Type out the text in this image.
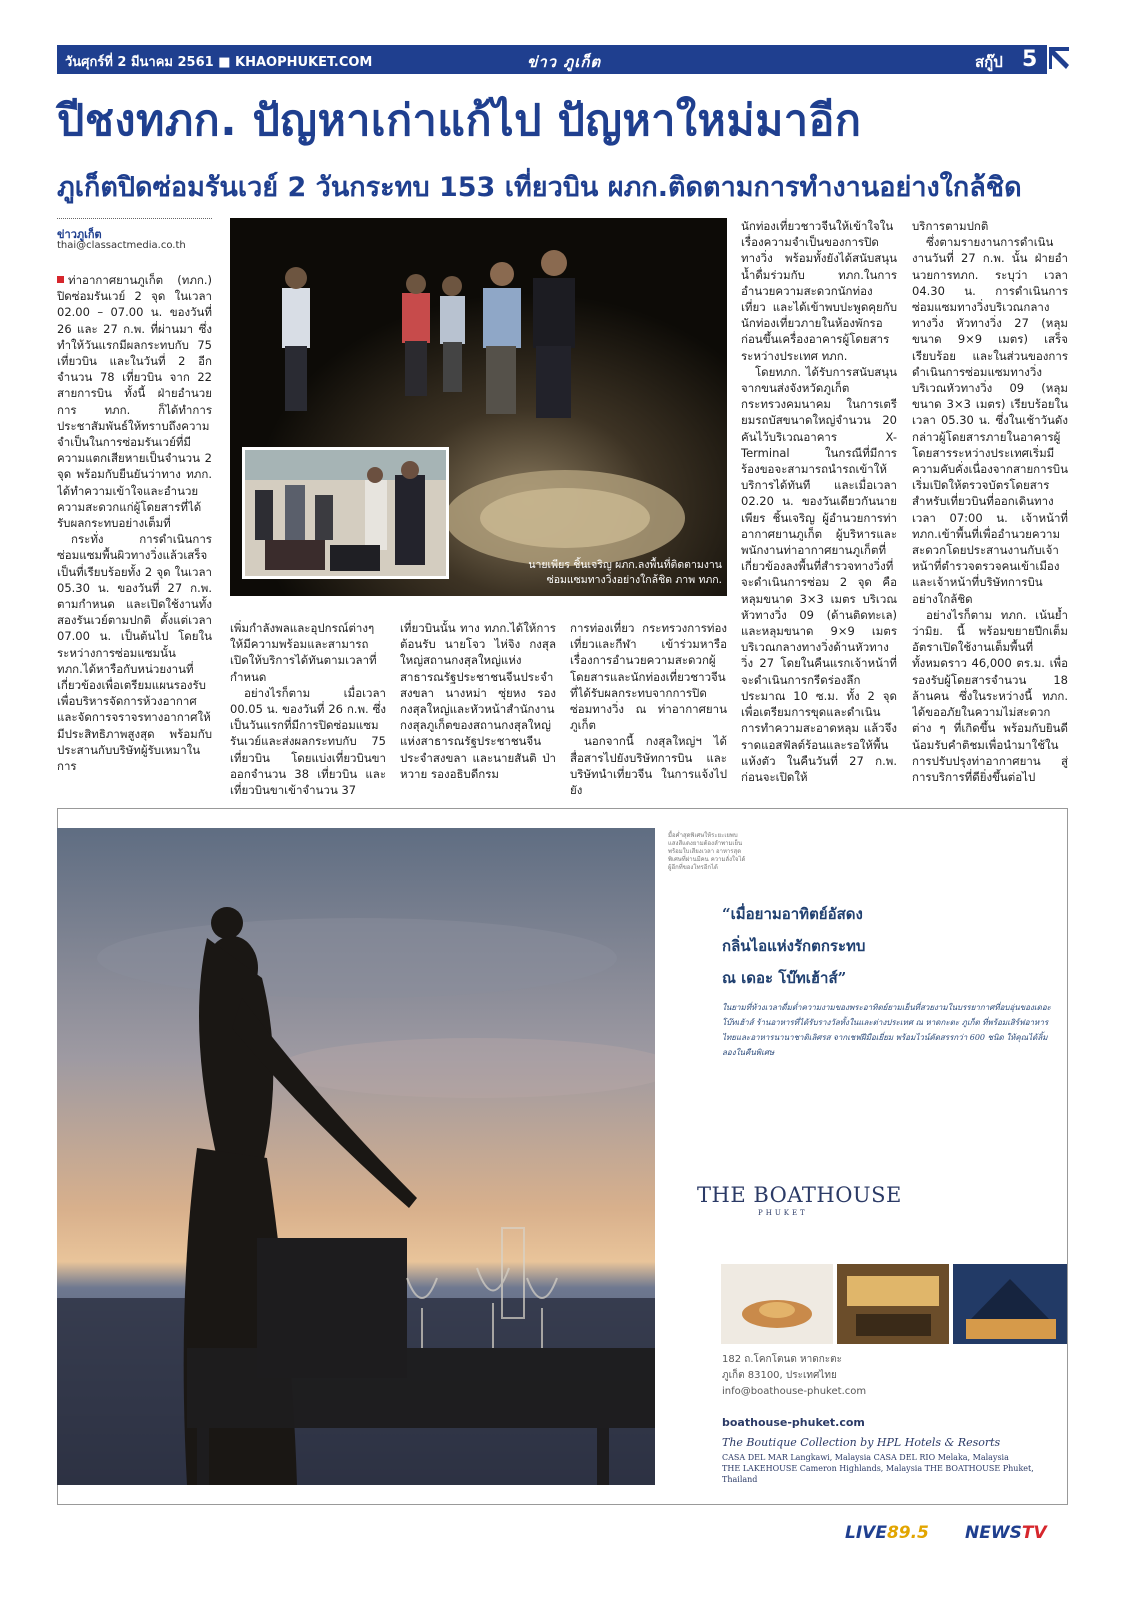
วันศุกร์ที่ 2 มีนาคม 2561 ■ KHAOPHUKET.COM	ข่าว ภูเก็ต	สกู๊ป 5
ปีชงทภก. ปัญหาเก่าแก้ไป ปัญหาใหม่มาอีก
ภูเก็ตปิดซ่อมรันเวย์ 2 วันกระทบ 153 เที่ยวบิน ผภก.ติดตามการทำงานอย่างใกล้ชิด
ข่าวภูเก็ต
thai@classactmedia.co.th

ท่าอากาศยานภูเก็ต (ทภก.) ปิดซ่อมรันเวย์ 2 จุด ในเวลา 02.00 – 07.00 น. ของวันที่ 26 และ 27 ก.พ. ที่ผ่านมา ซึ่งทำให้วันแรกมีผลกระทบกับ 75 เที่ยวบิน และในวันที่ 2 อีกจำนวน 78 เที่ยวบิน จาก 22 สายการบิน ทั้งนี้ ฝ่ายอำนวยการ ทภก. ก็ได้ทำการประชาสัมพันธ์ให้ทราบถึงความจำเป็นในการซ่อมรันเวย์ที่มีความแตกเสียหายเป็นจำนวน 2 จุด พร้อมกับยืนยันว่าทาง ทภก. ได้ทำความเข้าใจและอำนวยความสะดวกแก่ผู้โดยสารที่ได้รับผลกระทบอย่างเต็มที่

กระทั่ง การดำเนินการซ่อมแซมพื้นผิวทางวิ่งแล้วเสร็จเป็นที่เรียบร้อยทั้ง 2 จุด ในเวลา 05.30 น. ของวันที่ 27 ก.พ. ตามกำหนด และเปิดใช้งานทั้งสองรันเวย์ตามปกติ ตั้งแต่เวลา 07.00 น. เป็นต้นไป โดยในระหว่างการซ่อมแซมนั้น ทภก.ได้หารือกับหน่วยงานที่เกี่ยวข้องเพื่อเตรียมแผนรองรับเพื่อบริหารจัดการห้วงอากาศและจัดการจราจรทางอากาศให้มีประสิทธิภาพสูงสุด พร้อมกับประสานกับบริษัทผู้รับเหมาในการ

นายเพียร ชิ้นเจริญ ผภก.ลงพื้นที่ติดตามงานซ่อมแซมทางวิ่งอย่างใกล้ชิด ภาพ ทภก.

เพิ่มกำลังพลและอุปกรณ์ต่างๆ ให้มีความพร้อมและสามารถเปิดให้บริการได้ทันตามเวลาที่กำหนด

อย่างไรก็ตาม เมื่อเวลา 00.05 น. ของวันที่ 26 ก.พ. ซึ่งเป็นวันแรกที่มีการปิดซ่อมแซมรันเวย์และส่งผลกระทบกับ 75 เที่ยวบิน โดยแบ่งเที่ยวบินขาออกจำนวน 38 เที่ยวบิน และเที่ยวบินขาเข้าจำนวน 37

เที่ยวบินนั้น ทาง ทภก.ได้ให้การต้อนรับ นายโจว ไห่จิง กงสุลใหญ่สถานกงสุลใหญ่แห่งสาธารณรัฐประชาชนจีนประจำสงขลา นางหม่า ซุ่ยหง รองกงสุลใหญ่และหัวหน้าสำนักงานกงสุลภูเก็ตของสถานกงสุลใหญ่แห่งสาธารณรัฐประชาชนจีนประจำสงขลา และนายสันติ ป่าหวาย รองอธิบดีกรม

การท่องเที่ยว กระทรวงการท่องเที่ยวและกีฬา เข้าร่วมหารือเรื่องการอำนวยความสะดวกผู้โดยสารและนักท่องเที่ยวชาวจีนที่ได้รับผลกระทบจากการปิดซ่อมทางวิ่ง ณ ท่าอากาศยานภูเก็ต

นอกจากนี้ กงสุลใหญ่ฯ ได้สื่อสารไปยังบริษัทการบิน และบริษัทนำเที่ยวจีน ในการแจ้งไปยัง

นักท่องเที่ยวชาวจีนให้เข้าใจในเรื่องความจำเป็นของการปิดทางวิ่ง พร้อมทั้งยังได้สนับสนุนน้ำดื่มร่วมกับ ทภก.ในการอำนวยความสะดวกนักท่องเที่ยว และได้เข้าพบปะพูดคุยกับนักท่องเที่ยวภายในห้องพักรอก่อนขึ้นเครื่องอาคารผู้โดยสารระหว่างประเทศ ทภก.

โดยทภก. ได้รับการสนับสนุนจากขนส่งจังหวัดภูเก็ต กระทรวงคมนาคม ในการเตรียมรถบัสขนาดใหญ่จำนวน 20 คันไว้บริเวณอาคาร X-Terminal ในกรณีที่มีการร้องขอจะสามารถนำรถเข้าให้บริการได้ทันที และเมื่อเวลา 02.20 น. ของวันเดียวกันนายเพียร ชิ้นเจริญ ผู้อำนวยการท่าอากาศยานภูเก็ต ผู้บริหารและพนักงานท่าอากาศยานภูเก็ตที่เกี่ยวข้องลงพื้นที่สำรวจทางวิ่งที่จะดำเนินการซ่อม 2 จุด คือ หลุมขนาด 3×3 เมตร บริเวณหัวทางวิ่ง 09 (ด้านติดทะเล) และหลุมขนาด 9×9 เมตร บริเวณกลางทางวิ่งด้านหัวทางวิ่ง 27 โดยในคืนแรกเจ้าหน้าที่จะดำเนินการกรีดร่องลึกประมาณ 10 ซ.ม. ทั้ง 2 จุด เพื่อเตรียมการขุดและดำเนินการทำความสะอาดหลุม แล้วจึงราดแอสฟัลต์ร้อนและรอให้พื้นแห้งตัว ในคืนวันที่ 27 ก.พ. ก่อนจะเปิดให้

บริการตามปกติ

ซึ่งตามรายงานการดำเนินงานวันที่ 27 ก.พ. นั้น ฝ่ายอำนวยการทภก. ระบุว่า เวลา 04.30 น. การดำเนินการซ่อมแซมทางวิ่งบริเวณกลางทางวิ่ง หัวทางวิ่ง 27 (หลุมขนาด 9×9 เมตร) เสร็จเรียบร้อย และในส่วนของการดำเนินการซ่อมแซมทางวิ่งบริเวณหัวทางวิ่ง 09 (หลุมขนาด 3×3 เมตร) เรียบร้อยในเวลา 05.30 น. ซึ่งในเช้าวันดังกล่าวผู้โดยสารภายในอาคารผู้โดยสารระหว่างประเทศเริ่มมีความคับคั่งเนื่องจากสายการบินเริ่มเปิดให้ตรวจบัตรโดยสารสำหรับเที่ยวบินที่ออกเดินทางเวลา 07:00 น. เจ้าหน้าที่ ทภก.เข้าพื้นที่เพื่ออำนวยความสะดวกโดยประสานงานกับเจ้าหน้าที่ตำรวจตรวจคนเข้าเมือง และเจ้าหน้าที่บริษัทการบินอย่างใกล้ชิด

อย่างไรก็ตาม ทภก. เน้นย้ำว่ามิย. นี้ พร้อมขยายปีกเต็มอัตราเปิดใช้งานเต็มพื้นที่ทั้งหมดราว 46,000 ตร.ม. เพื่อรองรับผู้โดยสารจำนวน 18 ล้านคน ซึ่งในระหว่างนี้ ทภก. ได้ขออภัยในความไม่สะดวกต่าง ๆ ที่เกิดขึ้น พร้อมกับยินดีน้อมรับคำติชมเพื่อนำมาใช้ในการปรับปรุงท่าอากาศยาน สู่การบริการที่ดียิ่งขึ้นต่อไป

มื้อค่ำสุดพิเศษให้ระยะเยพบแสงสีแดงยามต้องลำพามเย็น พร้อมใบเสียงเวลา อาหารสุดพิเศษที่ผ่านมีคน ความลั่งใจได้ผู้อีกที่ของโทรอีกได้
“เมื่อยามอาทิตย์อัสดง
กลิ่นไอแห่งรักตกระทบ
ณ เดอะ โบ๊ทเฮ้าส์”
ในยามที่ห้วงเวลาดื่มด่ำความงามของพระอาทิตย์ยามเย็นที่สวยงามในบรรยากาศที่อบอุ่นของเดอะ โบ๊ทเฮ้าส์ ร้านอาหารที่ได้รับรางวัลทั้งในและต่างประเทศ ณ หาดกะตะ ภูเก็ต ที่พร้อมเสิร์ฟอาหารไทยและอาหารนานาชาติเลิศรส จากเชฟฝีมือเยี่ยม พร้อมไวน์คัดสรรกว่า 600 ชนิด ให้คุณได้ลิ้มลองในคืนพิเศษ
THE BOATHOUSE
PHUKET
182 ถ.โคกโตนด หาดกะตะ
ภูเก็ต 83100, ประเทศไทย
info@boathouse-phuket.com
boathouse-phuket.com
The Boutique Collection by HPL Hotels & Resorts
CASA DEL MAR Langkawi, Malaysia CASA DEL RIO Melaka, Malaysia
THE LAKEHOUSE Cameron Highlands, Malaysia THE BOATHOUSE Phuket, Thailand
LIVE89.5 NEWSTV
